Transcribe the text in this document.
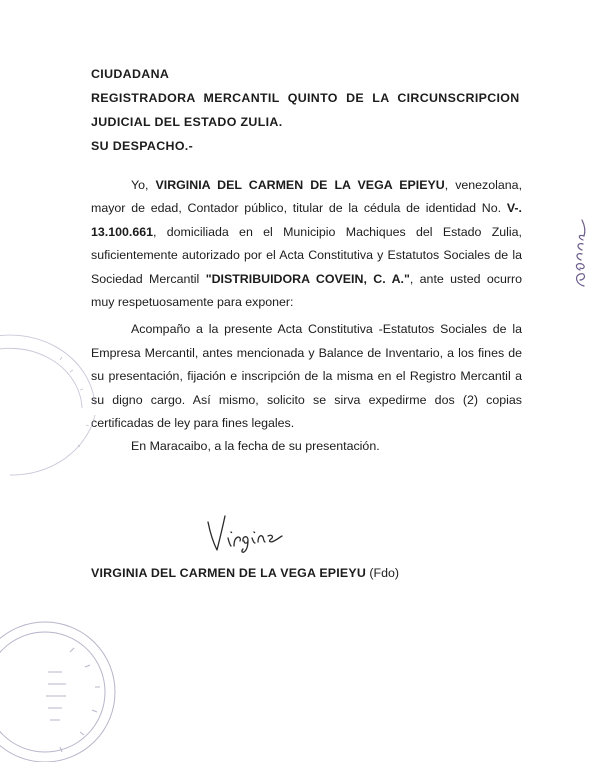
CIUDADANA
REGISTRADORA MERCANTIL QUINTO DE LA CIRCUNSCRIPCION
JUDICIAL DEL ESTADO ZULIA.
SU DESPACHO.-

Yo, VIRGINIA DEL CARMEN DE LA VEGA EPIEYU, venezolana, mayor de edad, Contador público, titular de la cédula de identidad No. V-. 13.100.661, domiciliada en el Municipio Machiques del Estado Zulia, suficientemente autorizado por el Acta Constitutiva y Estatutos Sociales de la Sociedad Mercantil "DISTRIBUIDORA COVEIN, C. A.", ante usted ocurro muy respetuosamente para exponer:

Acompaño a la presente Acta Constitutiva -Estatutos Sociales de la Empresa Mercantil, antes mencionada y Balance de Inventario, a los fines de su presentación, fijación e inscripción de la misma en el Registro Mercantil a su digno cargo. Así mismo, solicito se sirva expedirme dos (2) copias certificadas de ley para fines legales.

En Maracaibo, a la fecha de su presentación.

VIRGINIA DEL CARMEN DE LA VEGA EPIEYU (Fdo)
